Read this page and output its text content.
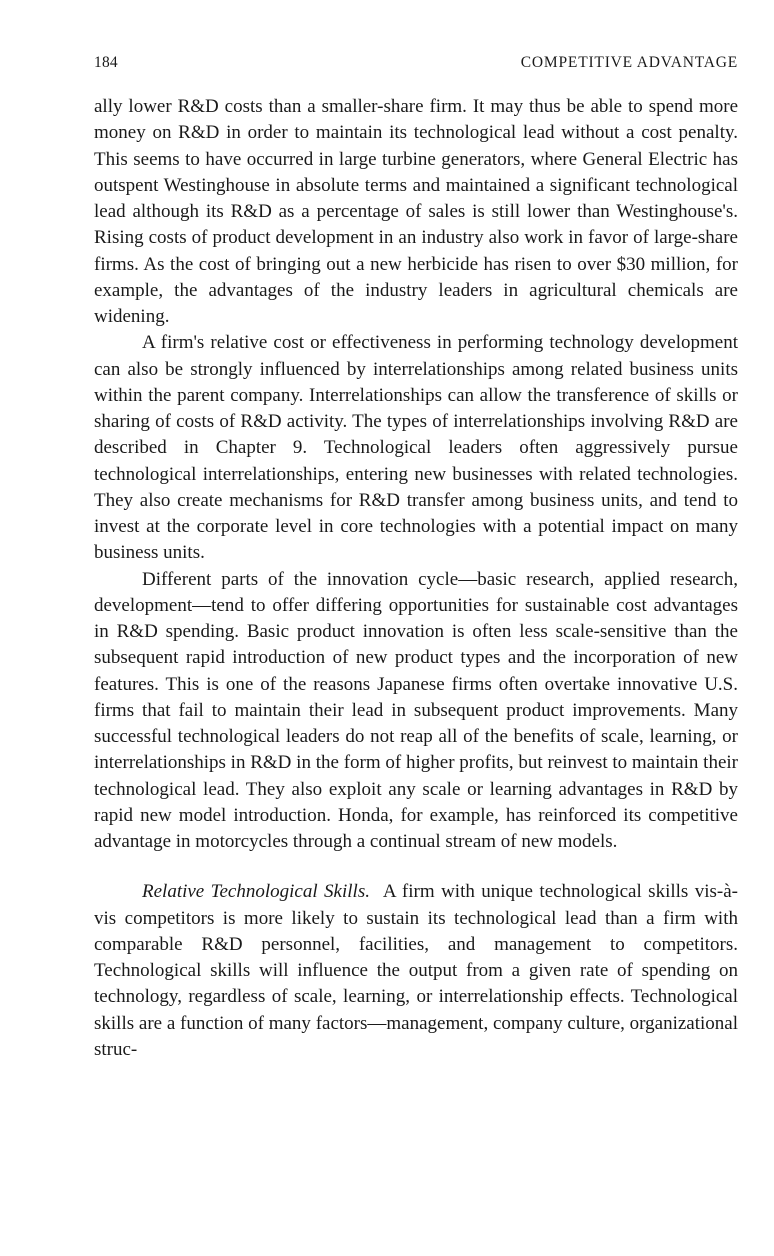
184	COMPETITIVE ADVANTAGE

ally lower R&D costs than a smaller-share firm. It may thus be able to spend more money on R&D in order to maintain its technological lead without a cost penalty. This seems to have occurred in large turbine generators, where General Electric has outspent Westinghouse in absolute terms and maintained a significant technological lead although its R&D as a percentage of sales is still lower than Westinghouse's. Rising costs of product development in an industry also work in favor of large-share firms. As the cost of bringing out a new herbicide has risen to over $30 million, for example, the advantages of the industry leaders in agricultural chemicals are widening.

A firm's relative cost or effectiveness in performing technology development can also be strongly influenced by interrelationships among related business units within the parent company. Interrelationships can allow the transference of skills or sharing of costs of R&D activity. The types of interrelationships involving R&D are described in Chapter 9. Technological leaders often aggressively pursue technological interrelationships, entering new businesses with related technologies. They also create mechanisms for R&D transfer among business units, and tend to invest at the corporate level in core technologies with a potential impact on many business units.

Different parts of the innovation cycle—basic research, applied research, development—tend to offer differing opportunities for sustainable cost advantages in R&D spending. Basic product innovation is often less scale-sensitive than the subsequent rapid introduction of new product types and the incorporation of new features. This is one of the reasons Japanese firms often overtake innovative U.S. firms that fail to maintain their lead in subsequent product improvements. Many successful technological leaders do not reap all of the benefits of scale, learning, or interrelationships in R&D in the form of higher profits, but reinvest to maintain their technological lead. They also exploit any scale or learning advantages in R&D by rapid new model introduction. Honda, for example, has reinforced its competitive advantage in motorcycles through a continual stream of new models.

Relative Technological Skills. A firm with unique technological skills vis-à-vis competitors is more likely to sustain its technological lead than a firm with comparable R&D personnel, facilities, and management to competitors. Technological skills will influence the output from a given rate of spending on technology, regardless of scale, learning, or interrelationship effects. Technological skills are a function of many factors—management, company culture, organizational struc-
